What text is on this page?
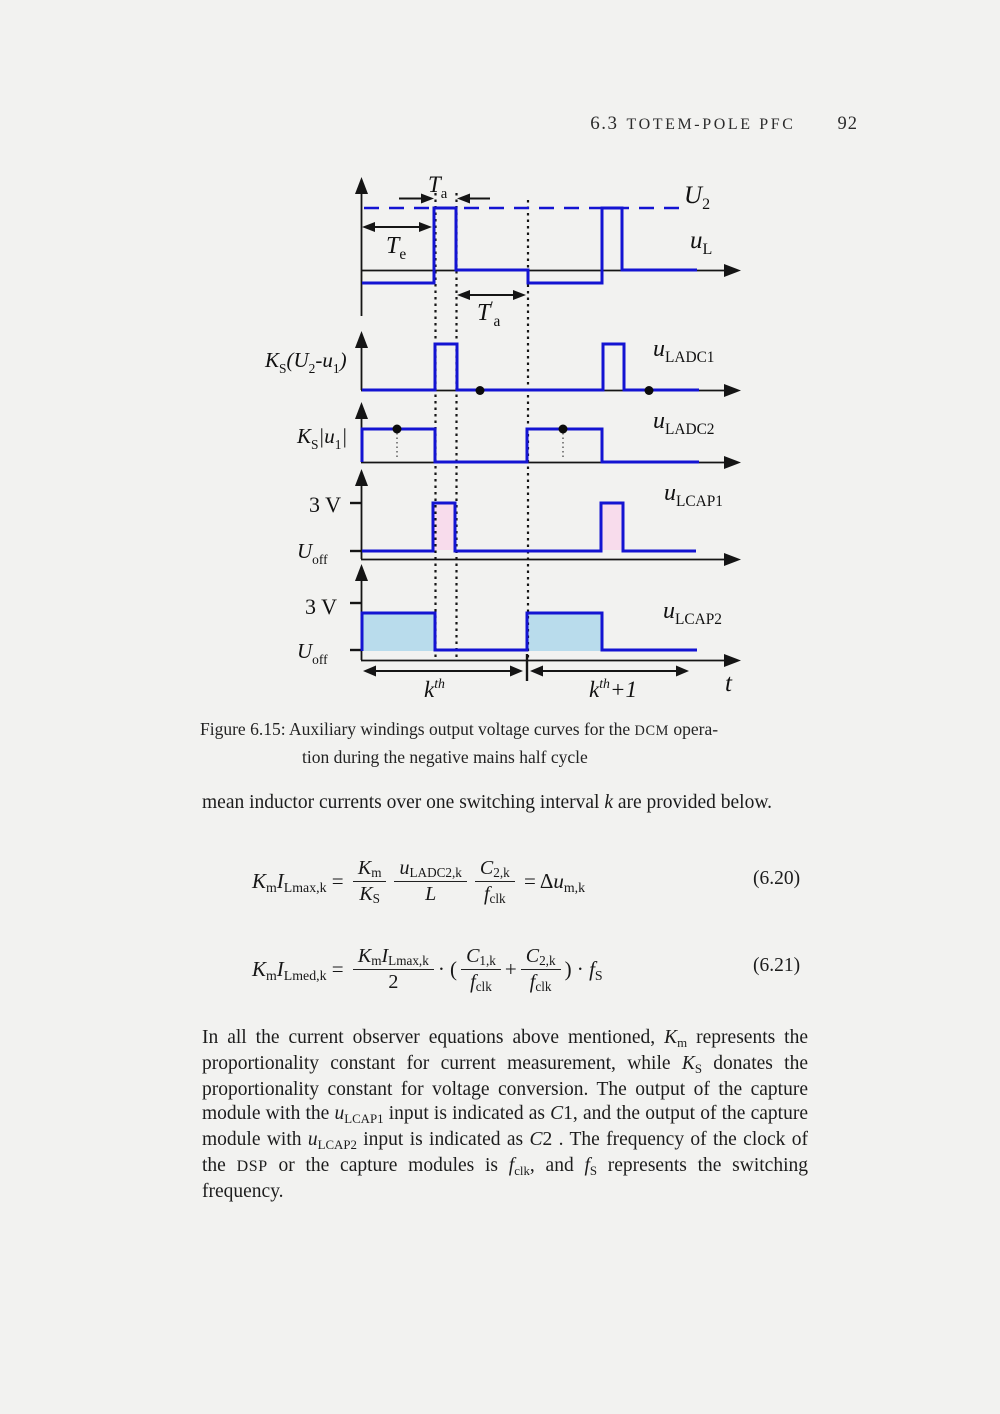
6.3 TOTEM-POLE PFC 92
$T_a$	$U_2$
$u_L$
$T_e$
$T'_a$
$K_S(U_2-u_1)$	$u_{LADC1}$
$K_S|u_1|$
$u_{LADC2}$
3 V
$U_{off}$
$u_{LCAP1}$
3 V
$U_{off}$
$u_{LCAP2}$
$k^{th}$	$k^{th}+1$	t
Figure 6.15: Auxiliary windings output voltage curves for the DCM opera-
tion during the negative mains half cycle
mean inductor currents over one switching interval k are provided below.
KmILmax,k = $\frac{Km}{KS} \frac{\text{uLADC2,k}}{L} \frac{C2,k}{\text{fclk}} = \Delta um,k$	(6.20)
KmILmed,k = $\frac{\text{KmILmax,k}}{2}$ · ( $\frac{C1,k}{\text{fclk}} + \frac{C2,k}{\text{fclk}}$ ) · fS	(6.21)
In all the current observer equations above mentioned, Km represents the proportionality constant for current measurement, while KS donates the proportionality constant for voltage conversion. The output of the capture module with the uLCAP1 input is indicated as C1, and the output of the capture module with uLCAP2 input is indicated as C2 . The frequency of the clock of the DSP or the capture modules is fclk, and fS represents the switching frequency.
